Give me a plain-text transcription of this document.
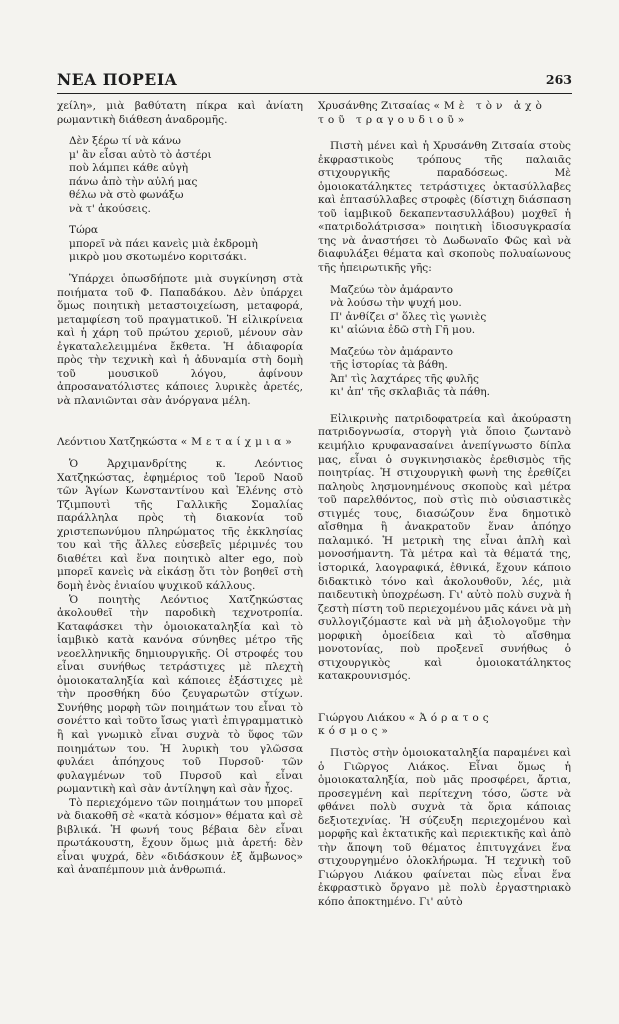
ΝΕΑ ΠΟΡΕΙΑ	263

χείλη», μιὰ βαθύτατη πίκρα καὶ ἀνίατη ρωμαντικὴ διάθεση ἀναδρομῆς.

Δὲν ξέρω τί νὰ κάνω
μ' ἂν εἶσαι αὐτὸ τὸ ἀστέρι
ποὺ λάμπει κάθε αὐγὴ
πάνω ἀπὸ τὴν αὐλή μας
θέλω νὰ στὸ φωνάξω
νὰ τ' ἀκούσεις.
Τώρα
μπορεῖ νὰ πάει κανεὶς μιὰ ἐκδρομὴ
μικρὸ μου σκοτωμένο κοριτσάκι.

Ὑπάρχει ὁπωσδήποτε μιὰ συγκίνηση στὰ ποιήματα τοῦ Φ. Παπαδάκου. Δὲν ὑπάρχει ὅμως ποιητικὴ μεταστοιχείωση, μεταφορά, μεταμφίεση τοῦ πραγματικοῦ. Ἡ εἰλικρίνεια καὶ ἡ χάρη τοῦ πρώτου χεριοῦ, μένουν σὰν ἐγκαταλελειμμένα ἔκθετα. Ἡ ἀδιαφορία πρὸς τὴν τεχνικὴ καὶ ἡ ἀδυναμία στὴ δομὴ τοῦ μουσικοῦ λόγου, ἀφίνουν ἀπροσανατόλιστες κάποιες λυρικὲς ἀρετές, νὰ πλανιῶνται σὰν ἀνόργανα μέλη.

Λεόντιου Χατζηκώστα «Μεταίχμια»

Ὁ Ἀρχιμανδρίτης κ. Λεόντιος Χατζηκώστας, ἐφημέριος τοῦ Ἱεροῦ Ναοῦ τῶν Ἁγίων Κωνσταντίνου καὶ Ἑλένης στὸ Τζιμπουτὶ τῆς Γαλλικῆς Σομαλίας παράλληλα πρὸς τὴ διακονία τοῦ χριστεπωνύμου πληρώματος τῆς ἐκκλησίας του καὶ τῆς ἄλλες εὐσεβεῖς μέριμνές του διαθέτει καὶ ἕνα ποιητικὸ alter ego, ποὺ μπορεῖ κανεὶς νὰ εἰκάσῃ ὅτι τὸν βοηθεῖ στὴ δομὴ ἑνὸς ἐνιαίου ψυχικοῦ κάλλους.

Ὁ ποιητὴς Λεόντιος Χατζηκώστας ἀκολουθεῖ τὴν παροδικὴ τεχνοτροπία. Καταφάσκει τὴν ὁμοιοκαταληξία καὶ τὸ ἰαμβικὸ κατὰ κανόνα σύνηθες μέτρο τῆς νεοελληνικῆς δημιουργικῆς. Οἱ στροφές του εἶναι συνήθως τετράστιχες μὲ πλεχτὴ ὁμοιοκαταληξία καὶ κάποιες ἑξάστιχες μὲ τὴν προσθήκη δύο ζευγαρωτῶν στίχων. Συνήθης μορφὴ τῶν ποιημάτων του εἶναι τὸ σονέττο καὶ τοῦτο ἴσως γιατὶ ἐπιγραμματικὸ ἢ καὶ γνωμικὸ εἶναι συχνὰ τὸ ὕφος τῶν ποιημάτων του. Ἡ λυρικὴ του γλῶσσα φυλάει ἀπόηχους τοῦ Πυρσοῦ· τῶν φυλαγμένων τοῦ Πυρσοῦ καὶ εἶναι ρωμαντικὴ καὶ σὰν ἀντίληψη καὶ σὰν ἦχος.

Τὸ περιεχόμενο τῶν ποιημάτων του μπορεῖ νὰ διακοθῆ σὲ «κατὰ κόσμον» θέματα καὶ σὲ βιβλικά. Ἡ φωνή τους βέβαια δὲν εἶναι πρωτάκουστη, ἔχουν ὅμως μιὰ ἀρετή: δὲν εἶναι ψυχρά, δὲν «διδάσκουν ἐξ ἄμβωνος» καὶ ἀναπέμπουν μιὰ ἀνθρωπιά.

Χρυσάνθης Ζιτσαίας «Μὲ τὸν ἀχὸ τοῦ τραγουδιοῦ»

Πιστὴ μένει καὶ ἡ Χρυσάνθη Ζιτσαία στοὺς ἐκφραστικοὺς τρόπους τῆς παλαιᾶς στιχουργικῆς παραδόσεως. Μὲ ὁμοιοκατάληκτες τετράστιχες ὀκτασύλλαβες καὶ ἑπτασύλλαβες στροφὲς (δίστιχη διάσπαση τοῦ ἰαμβικοῦ δεκαπεντασυλλάβου) μοχθεῖ ἡ «πατριδολάτρισσα» ποιητικὴ ἰδιοσυγκρασία της νὰ ἀναστήσει τὸ Δωδωναῖο Φῶς καὶ νὰ διαφυλάξει θέματα καὶ σκοποὺς πολυαίωνους τῆς ἠπειρωτικῆς γῆς:

Μαζεύω τὸν ἀμάραντο
νὰ λούσω τὴν ψυχή μου.
Π' ἀνθίζει σ' ὅλες τὶς γωνιὲς
κι' αἰώνια ἐδῶ στὴ Γῆ μου.
Μαζεύω τὸν ἀμάραντο
τῆς ἱστορίας τὰ βάθη.
Ἀπ' τὶς λαχτάρες τῆς φυλῆς
κι' ἀπ' τῆς σκλαβιᾶς τὰ πάθη.

Εἰλικρινὴς πατριδοφατρεία καὶ ἀκούραστη πατριδογνωσία, στοργὴ γιὰ ὅποιο ζωντανὸ κειμήλιο κρυφανασαίνει ἀνεπίγνωστο δίπλα μας, εἶναι ὁ συγκινησιακὸς ἐρεθισμὸς τῆς ποιητρίας. Ἡ στιχουργικὴ φωνὴ της ἐρεθίζει παληοὺς λησμονημένους σκοποὺς καὶ μέτρα τοῦ παρελθόντος, ποὺ στὶς πιὸ οὐσιαστικὲς στιγμές τους, διασώζουν ἕνα δημοτικὸ αἴσθημα ἢ ἀνακρατοῦν ἕναν ἀπόηχο παλαμικό. Ἡ μετρικὴ της εἶναι ἁπλὴ καὶ μονοσήμαντη. Τὰ μέτρα καὶ τὰ θέματά της, ἱστορικά, λαογραφικά, ἐθνικά, ἔχουν κάποιο διδακτικὸ τόνο καὶ ἀκολουθοῦν, λές, μιὰ παιδευτικὴ ὑποχρέωση. Γι' αὐτὸ πολὺ συχνὰ ἡ ζεστὴ πίστη τοῦ περιεχομένου μᾶς κάνει νὰ μὴ συλλογιζόμαστε καὶ νὰ μὴ ἀξιολογοῦμε τὴν μορφικὴ ὁμοείδεια καὶ τὸ αἴσθημα μονοτονίας, ποὺ προξενεῖ συνήθως ὁ στιχουργικὸς καὶ ὁμοιοκατάληκτος κατακρουνισμός.

Γιώργου Λιάκου «Ἀόρατος κόσμος»

Πιστὸς στὴν ὁμοιοκαταληξία παραμένει καὶ ὁ Γιῶργος Λιάκος. Εἶναι ὅμως ἡ ὁμοιοκαταληξία, ποὺ μᾶς προσφέρει, ἄρτια, προσεγμένη καὶ περίτεχνη τόσο, ὥστε νὰ φθάνει πολὺ συχνὰ τὰ ὅρια κάποιας δεξιοτεχνίας. Ἡ σύζευξη περιεχομένου καὶ μορφῆς καὶ ἐκτατικῆς καὶ περιεκτικῆς καὶ ἀπὸ τὴν ἄποψη τοῦ θέματος ἐπιτυγχάνει ἕνα στιχουργημένο ὁλοκλήρωμα. Ἡ τεχνικὴ τοῦ Γιώργου Λιάκου φαίνεται πὼς εἶναι ἕνα ἐκφραστικὸ ὄργανο μὲ πολὺ ἐργαστηριακὸ κόπο ἀποκτημένο. Γι' αὐτὸ
